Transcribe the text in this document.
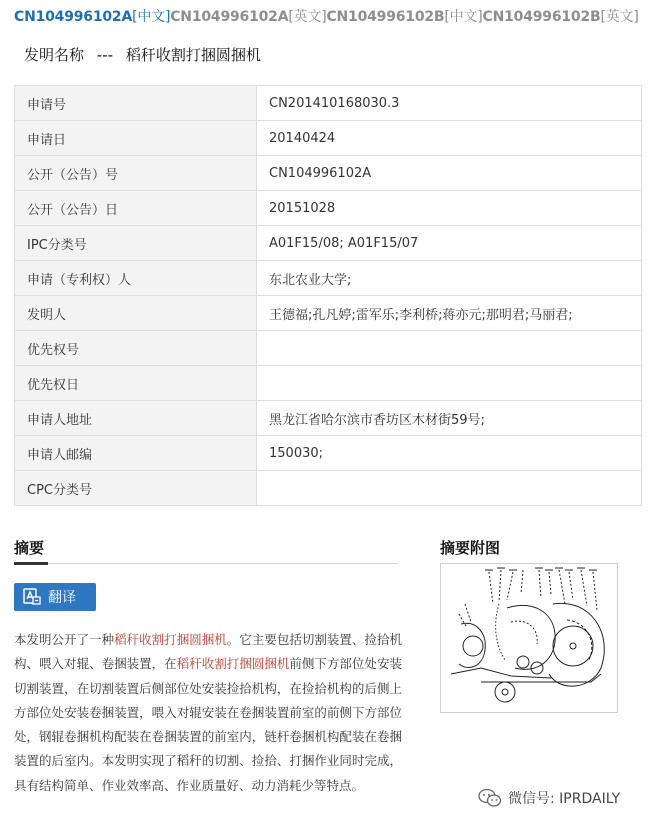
CN104996102A[中文]CN104996102A[英文]CN104996102B[中文]CN104996102B[英文]
发明名称 --- 稻秆收割打捆圆捆机
申请号	CN201410168030.3
申请日	20140424
公开（公告）号	CN104996102A
公开（公告）日	20151028
IPC分类号	A01F15/08; A01F15/07
申请（专利权）人	东北农业大学;
发明人	王德福;孔凡婷;雷军乐;李利桥;蒋亦元;那明君;马丽君;
优先权号	
优先权日	
申请人地址	黑龙江省哈尔滨市香坊区木材街59号;
申请人邮编	150030;
CPC分类号	
摘要
翻译
本发明公开了一种稻秆收割打捆圆捆机。它主要包括切割装置、捡拾机构、喂入对辊、卷捆装置，在稻秆收割打捆圆捆机前侧下方部位处安装切割装置，在切割装置后侧部位处安装捡拾机构，在捡拾机构的后侧上方部位处安装卷捆装置，喂入对辊安装在卷捆装置前室的前侧下方部位处，钢辊卷捆机构配装在卷捆装置的前室内，链杆卷捆机构配装在卷捆装置的后室内。本发明实现了稻秆的切割、捡拾、打捆作业同时完成，具有结构简单、作业效率高、作业质量好、动力消耗少等特点。
摘要附图
微信号: IPRDAILY
